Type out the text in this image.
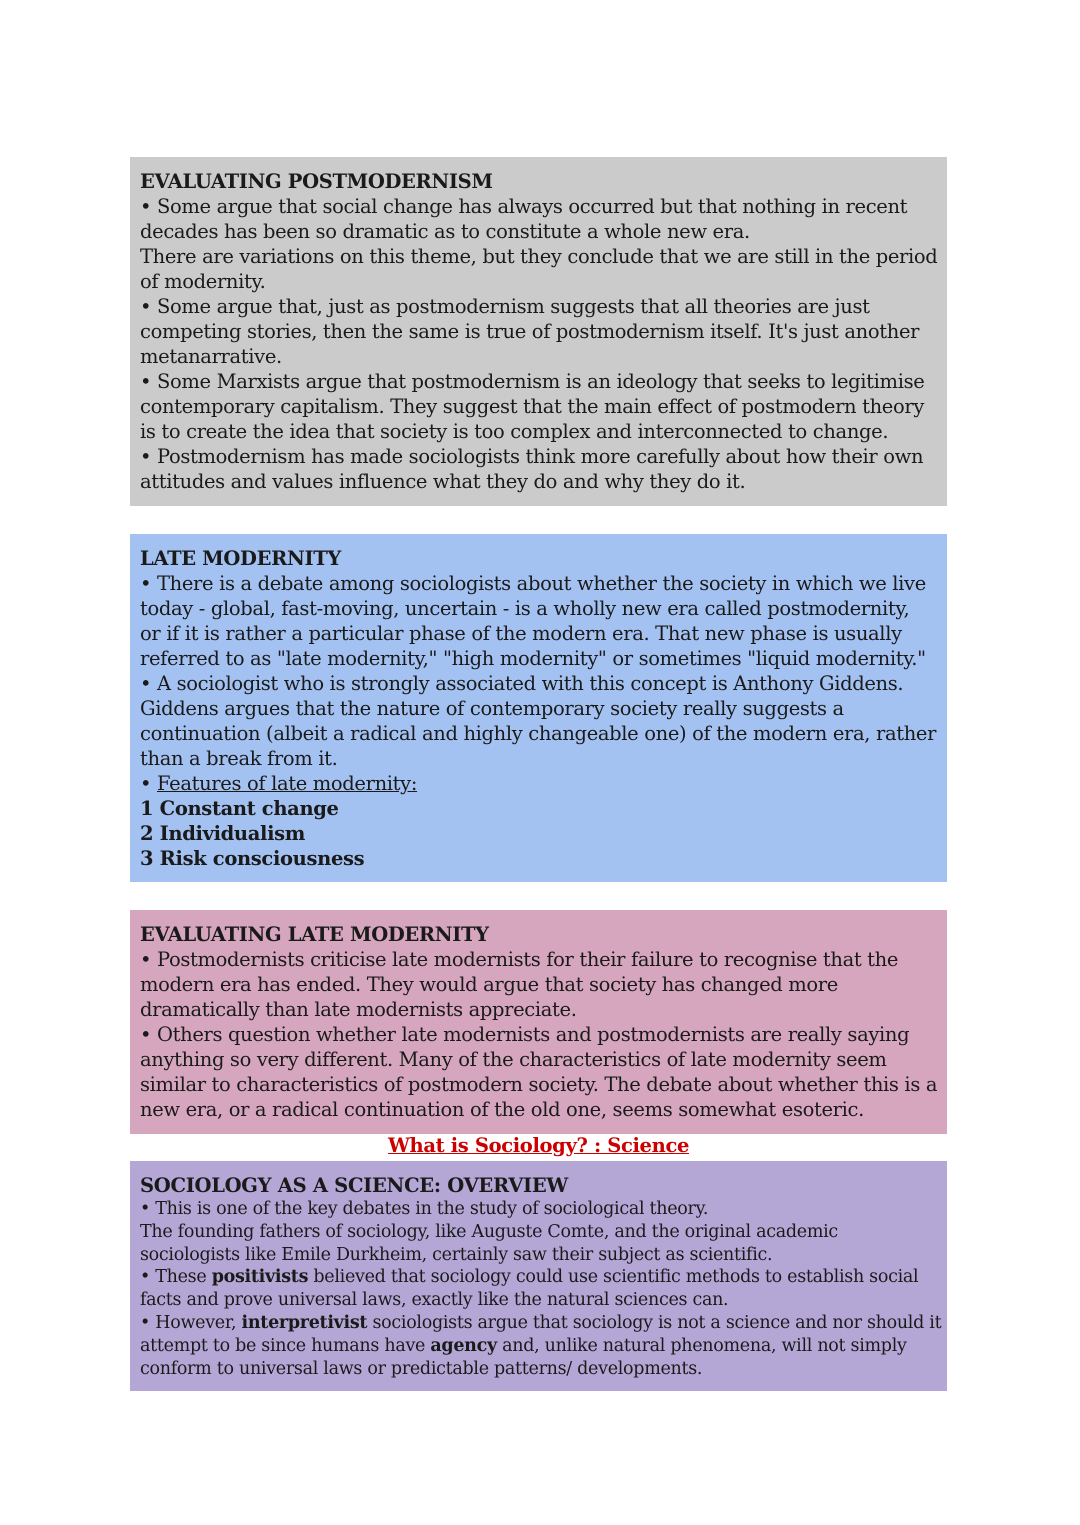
EVALUATING POSTMODERNISM
• Some argue that social change has always occurred but that nothing in recent
decades has been so dramatic as to constitute a whole new era.
There are variations on this theme, but they conclude that we are still in the period
of modernity.
• Some argue that, just as postmodernism suggests that all theories are just
competing stories, then the same is true of postmodernism itself. It's just another
metanarrative.
• Some Marxists argue that postmodernism is an ideology that seeks to legitimise
contemporary capitalism. They suggest that the main effect of postmodern theory
is to create the idea that society is too complex and interconnected to change.
• Postmodernism has made sociologists think more carefully about how their own
attitudes and values influence what they do and why they do it.
LATE MODERNITY
• There is a debate among sociologists about whether the society in which we live
today - global, fast-moving, uncertain - is a wholly new era called postmodernity,
or if it is rather a particular phase of the modern era. That new phase is usually
referred to as "late modernity," "high modernity" or sometimes "liquid modernity."
• A sociologist who is strongly associated with this concept is Anthony Giddens.
Giddens argues that the nature of contemporary society really suggests a
continuation (albeit a radical and highly changeable one) of the modern era, rather
than a break from it.
• Features of late modernity:
1 Constant change
2 Individualism
3 Risk consciousness
EVALUATING LATE MODERNITY
• Postmodernists criticise late modernists for their failure to recognise that the
modern era has ended. They would argue that society has changed more
dramatically than late modernists appreciate.
• Others question whether late modernists and postmodernists are really saying
anything so very different. Many of the characteristics of late modernity seem
similar to characteristics of postmodern society. The debate about whether this is a
new era, or a radical continuation of the old one, seems somewhat esoteric.
What is Sociology? : Science
SOCIOLOGY AS A SCIENCE: OVERVIEW
• This is one of the key debates in the study of sociological theory.
The founding fathers of sociology, like Auguste Comte, and the original academic
sociologists like Emile Durkheim, certainly saw their subject as scientific.
• These positivists believed that sociology could use scientific methods to establish social
facts and prove universal laws, exactly like the natural sciences can.
• However, interpretivist sociologists argue that sociology is not a science and nor should it
attempt to be since humans have agency and, unlike natural phenomena, will not simply
conform to universal laws or predictable patterns/ developments.
